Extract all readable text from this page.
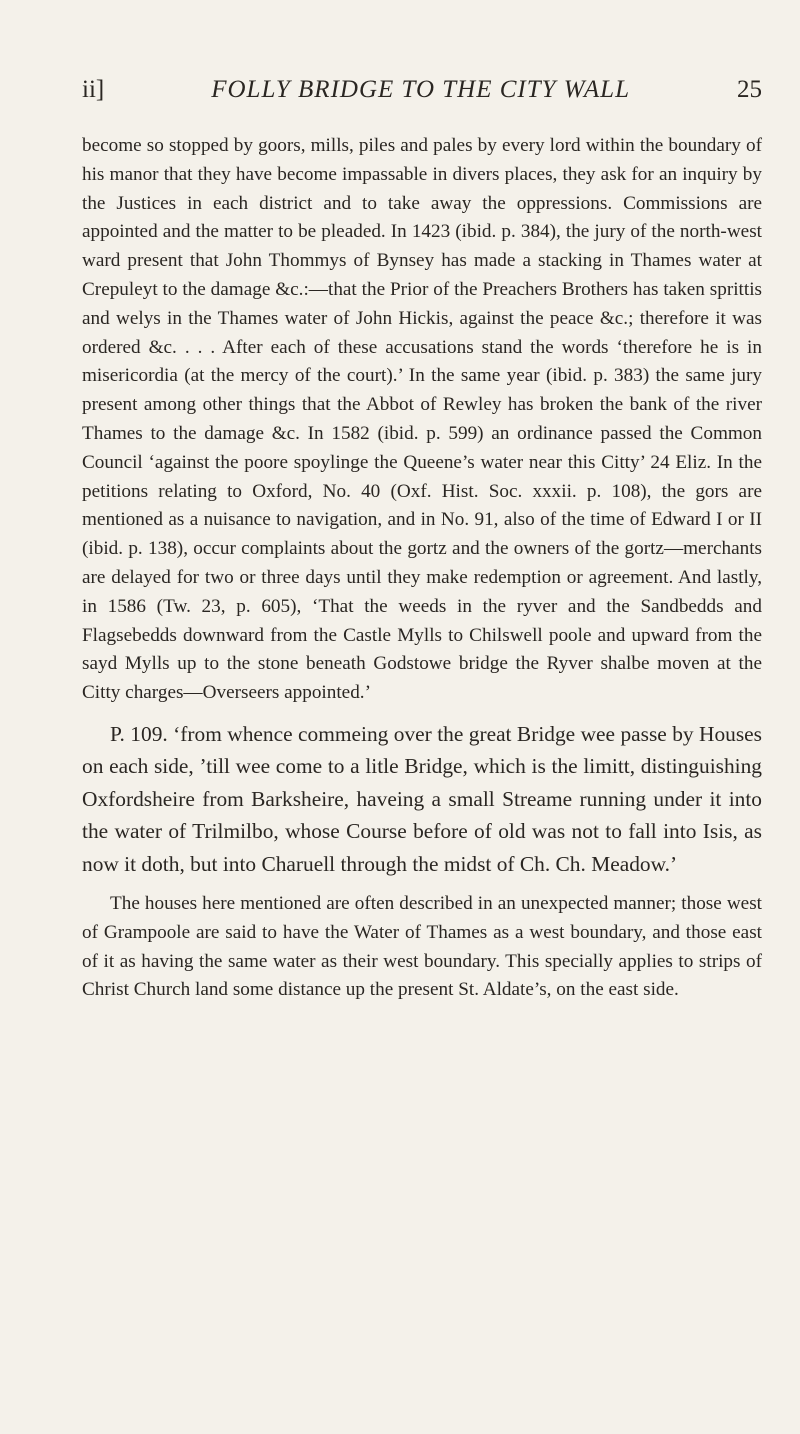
ii]	FOLLY BRIDGE TO THE CITY WALL	25

become so stopped by goors, mills, piles and pales by every lord within the boundary of his manor that they have become impassable in divers places, they ask for an inquiry by the Justices in each district and to take away the oppressions. Commissions are appointed and the matter to be pleaded. In 1423 (ibid. p. 384), the jury of the north-west ward present that John Thommys of Bynsey has made a stacking in Thames water at Crepuleyt to the damage &c.:—that the Prior of the Preachers Brothers has taken sprittis and welys in the Thames water of John Hickis, against the peace &c.; therefore it was ordered &c. . . . After each of these accusations stand the words ‘therefore he is in misericordia (at the mercy of the court).’ In the same year (ibid. p. 383) the same jury present among other things that the Abbot of Rewley has broken the bank of the river Thames to the damage &c. In 1582 (ibid. p. 599) an ordinance passed the Common Council ‘against the poore spoylinge the Queene’s water near this Citty’ 24 Eliz. In the petitions relating to Oxford, No. 40 (Oxf. Hist. Soc. xxxii. p. 108), the gors are mentioned as a nuisance to navigation, and in No. 91, also of the time of Edward I or II (ibid. p. 138), occur complaints about the gortz and the owners of the gortz—merchants are delayed for two or three days until they make redemption or agreement. And lastly, in 1586 (Tw. 23, p. 605), ‘That the weeds in the ryver and the Sandbedds and Flagsebedds downward from the Castle Mylls to Chilswell poole and upward from the sayd Mylls up to the stone beneath Godstowe bridge the Ryver shalbe moven at the Citty charges—Overseers appointed.’

P. 109. ‘from whence commeing over the great Bridge wee passe by Houses on each side, ’till wee come to a litle Bridge, which is the limitt, distinguishing Oxfordsheire from Barksheire, haveing a small Streame running under it into the water of Trilmilbo, whose Course before of old was not to fall into Isis, as now it doth, but into Charuell through the midst of Ch. Ch. Meadow.’

The houses here mentioned are often described in an unexpected manner; those west of Grampoole are said to have the Water of Thames as a west boundary, and those east of it as having the same water as their west boundary. This specially applies to strips of Christ Church land some distance up the present St. Aldate’s, on the east side.
